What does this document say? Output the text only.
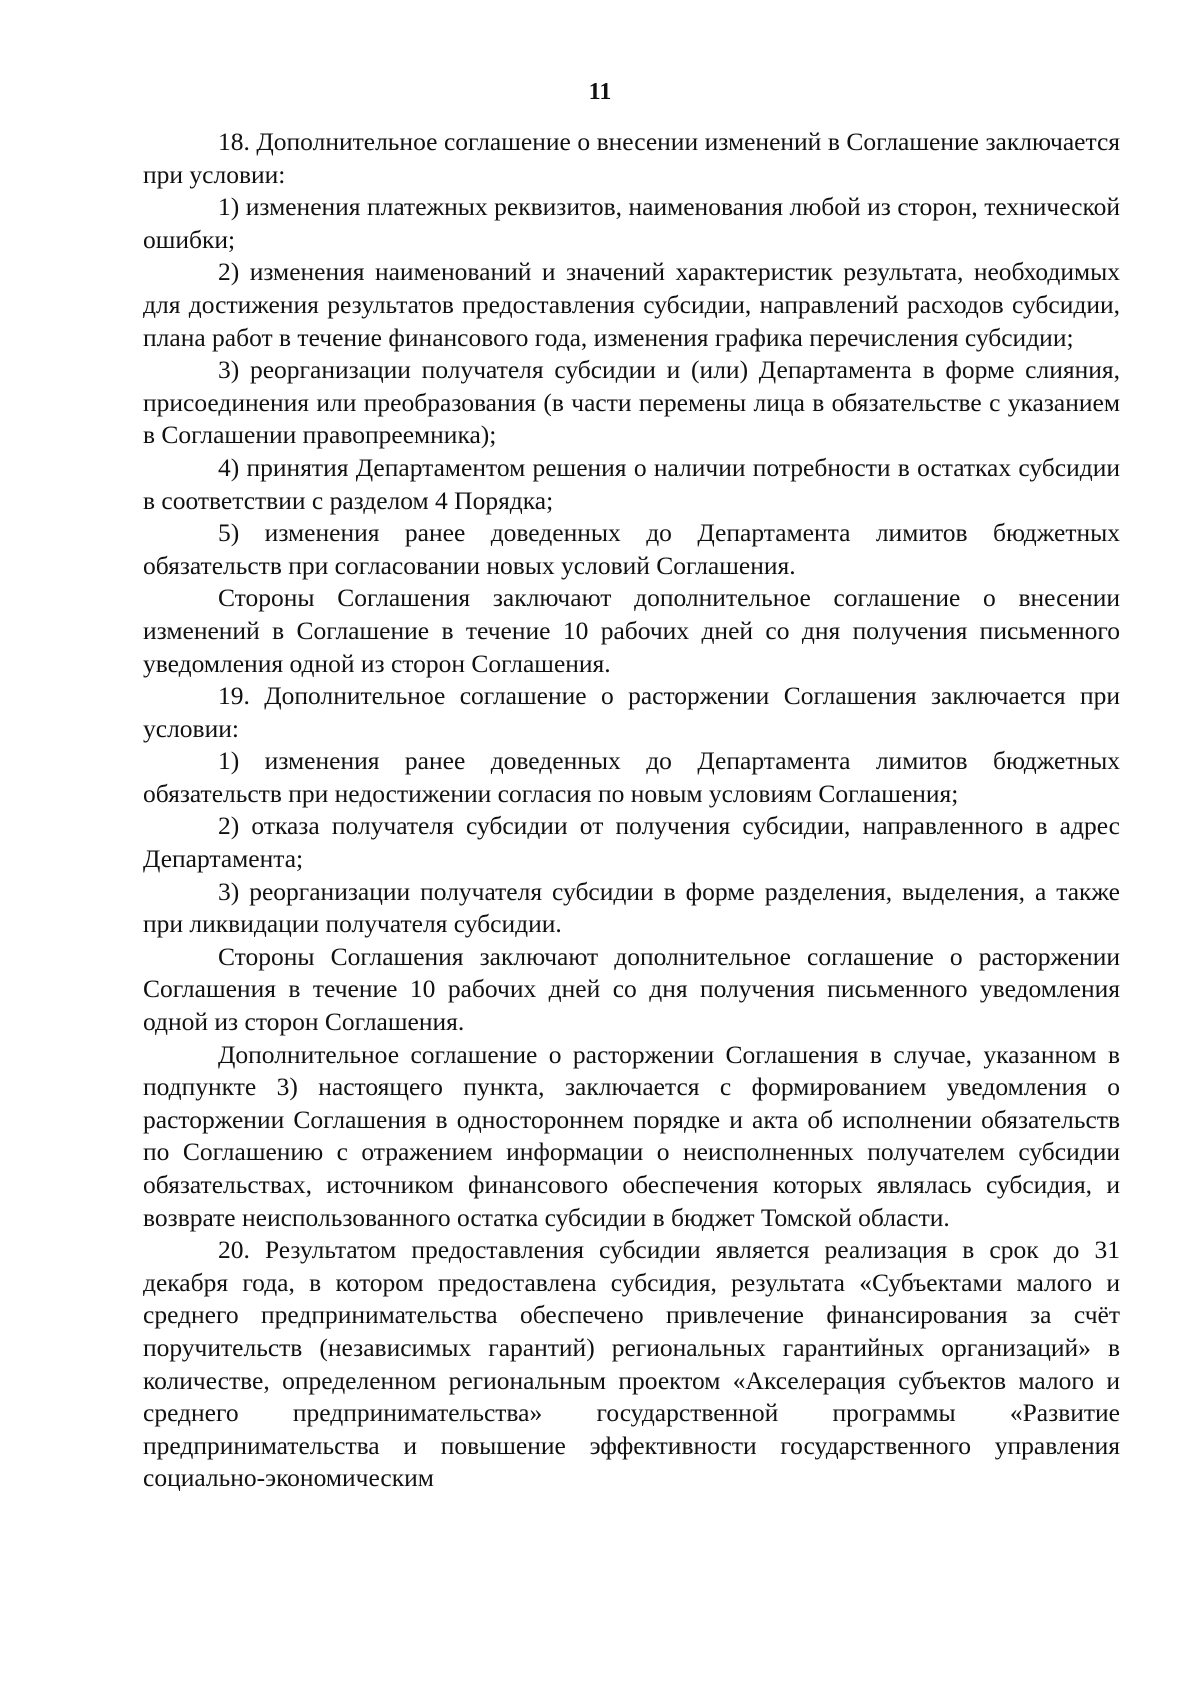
11

18. Дополнительное соглашение о внесении изменений в Соглашение заключается при условии:

1) изменения платежных реквизитов, наименования любой из сторон, технической ошибки;

2) изменения наименований и значений характеристик результата, необходимых для достижения результатов предоставления субсидии, направлений расходов субсидии, плана работ в течение финансового года, изменения графика перечисления субсидии;

3) реорганизации получателя субсидии и (или) Департамента в форме слияния, присоединения или преобразования (в части перемены лица в обязательстве с указанием в Соглашении правопреемника);

4) принятия Департаментом решения о наличии потребности в остатках субсидии в соответствии с разделом 4 Порядка;

5) изменения ранее доведенных до Департамента лимитов бюджетных обязательств при согласовании новых условий Соглашения.

Стороны Соглашения заключают дополнительное соглашение о внесении изменений в Соглашение в течение 10 рабочих дней со дня получения письменного уведомления одной из сторон Соглашения.

19. Дополнительное соглашение о расторжении Соглашения заключается при условии:

1) изменения ранее доведенных до Департамента лимитов бюджетных обязательств при недостижении согласия по новым условиям Соглашения;

2) отказа получателя субсидии от получения субсидии, направленного в адрес Департамента;

3) реорганизации получателя субсидии в форме разделения, выделения, а также при ликвидации получателя субсидии.

Стороны Соглашения заключают дополнительное соглашение о расторжении Соглашения в течение 10 рабочих дней со дня получения письменного уведомления одной из сторон Соглашения.

Дополнительное соглашение о расторжении Соглашения в случае, указанном в подпункте 3) настоящего пункта, заключается с формированием уведомления о расторжении Соглашения в одностороннем порядке и акта об исполнении обязательств по Соглашению с отражением информации о неисполненных получателем субсидии обязательствах, источником финансового обеспечения которых являлась субсидия, и возврате неиспользованного остатка субсидии в бюджет Томской области.

20. Результатом предоставления субсидии является реализация в срок до 31 декабря года, в котором предоставлена субсидия, результата «Субъектами малого и среднего предпринимательства обеспечено привлечение финансирования за счёт поручительств (независимых гарантий) региональных гарантийных организаций» в количестве, определенном региональным проектом «Акселерация субъектов малого и среднего предпринимательства» государственной программы «Развитие предпринимательства и повышение эффективности государственного управления социально-экономическим
